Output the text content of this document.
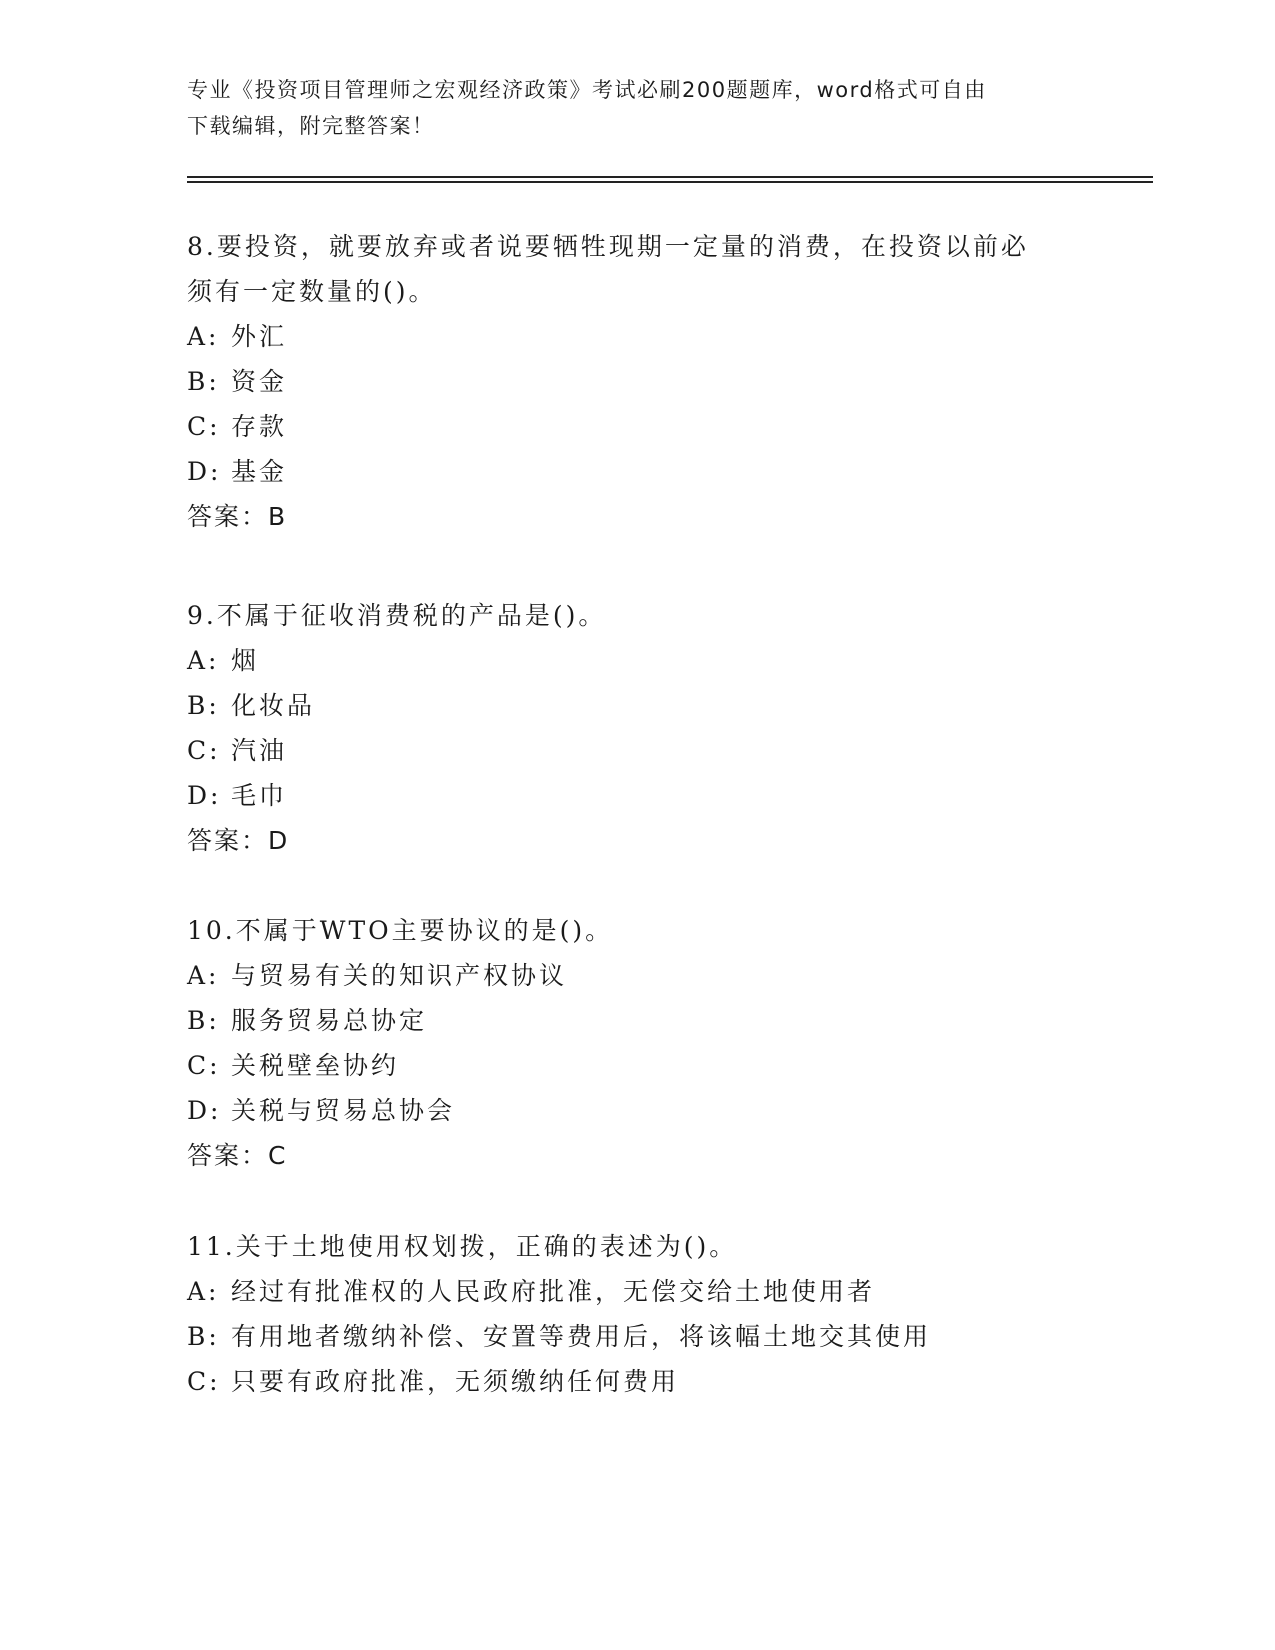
专业《投资项目管理师之宏观经济政策》考试必刷200题题库，word格式可自由
下载编辑，附完整答案！
8.要投资，就要放弃或者说要牺牲现期一定量的消费，在投资以前必
须有一定数量的()。
A: 外汇
B: 资金
C: 存款
D: 基金
答案：B
9.不属于征收消费税的产品是()。
A: 烟
B: 化妆品
C: 汽油
D: 毛巾
答案：D
10.不属于WTO主要协议的是()。
A: 与贸易有关的知识产权协议
B: 服务贸易总协定
C: 关税壁垒协约
D: 关税与贸易总协会
答案：C
11.关于土地使用权划拨，正确的表述为()。
A: 经过有批准权的人民政府批准，无偿交给土地使用者
B: 有用地者缴纳补偿、安置等费用后，将该幅土地交其使用
C: 只要有政府批准，无须缴纳任何费用
